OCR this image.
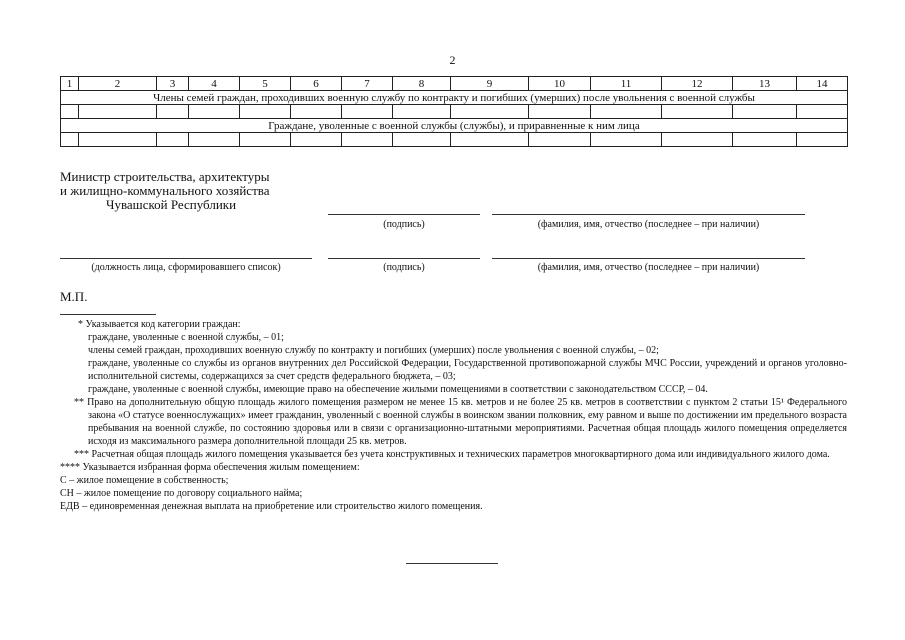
2
1	2	3	4	5	6	7	8	9	10	11	12	13	14
Члены семей граждан, проходивших военную службу по контракту и погибших (умерших) после увольнения с военной службы													

Граждане, уволенные с военной службы (службы), и приравненные к ним лица													

Министр строительства, архитектуры
и жилищно-коммунального хозяйства
Чувашской Республики
(подпись)	(фамилия, имя, отчество (последнее – при наличии)
(должность лица, сформировавшего список)	(подпись)	(фамилия, имя, отчество (последнее – при наличии)
М.П.

* Указывается код категории граждан:

граждане, уволенные с военной службы, – 01;

члены семей граждан, проходивших военную службу по контракту и погибших (умерших) после увольнения с военной службы, – 02;

граждане, уволенные со службы из органов внутренних дел Российской Федерации, Государственной противопожарной службы МЧС России, учреждений и органов уголовно-исполнительной системы, содержащихся за счет средств федерального бюджета, – 03;

граждане, уволенные с военной службы, имеющие право на обеспечение жилыми помещениями в соответствии с законодательством СССР, – 04.

** Право на дополнительную общую площадь жилого помещения размером не менее 15 кв. метров и не более 25 кв. метров в соответствии с пунктом 2 статьи 15¹ Федерального закона «О статусе военнослужащих» имеет гражданин, уволенный с военной службы в воинском звании полковник, ему равном и выше по достижении им предельного возраста пребывания на военной службе, по состоянию здоровья или в связи с организационно-штатными мероприятиями. Расчетная общая площадь жилого помещения определяется исходя из максимального размера дополнительной площади 25 кв. метров.

*** Расчетная общая площадь жилого помещения указывается без учета конструктивных и технических параметров многоквартирного дома или индивидуального жилого дома.

**** Указывается избранная форма обеспечения жилым помещением:

С – жилое помещение в собственность;

СН – жилое помещение по договору социального найма;

ЕДВ – единовременная денежная выплата на приобретение или строительство жилого помещения.
